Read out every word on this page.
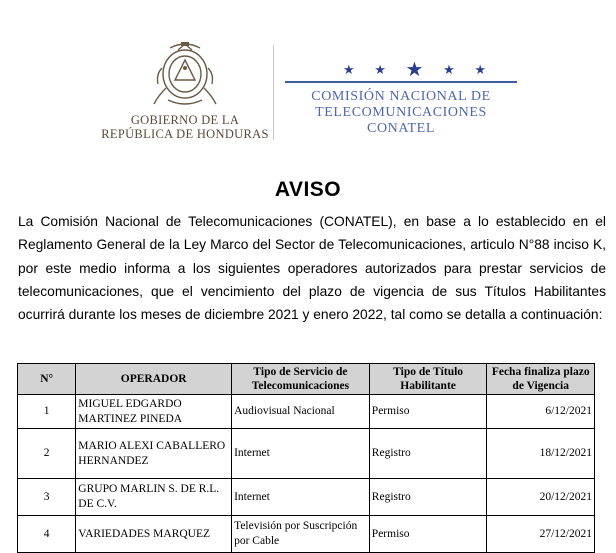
GOBIERNO DE LA
REPÚBLICA DE HONDURAS
★ ★ ★ ★ ★
COMISIÓN NACIONAL DE
TELECOMUNICACIONES
CONATEL
AVISO

La Comisión Nacional de Telecomunicaciones (CONATEL), en base a lo establecido en el Reglamento General de la Ley Marco del Sector de Telecomunicaciones, articulo N°88 inciso K, por este medio informa a los siguientes operadores autorizados para prestar servicios de telecomunicaciones, que el vencimiento del plazo de vigencia de sus Títulos Habilitantes ocurrirá durante los meses de diciembre 2021 y enero 2022, tal como se detalla a continuación:

N°	OPERADOR	Tipo de Servicio de Telecomunicaciones	Tipo de Título Habilitante	Fecha finaliza plazo de Vigencia
1	MIGUEL EDGARDO MARTINEZ PINEDA	Audiovisual Nacional	Permiso	6/12/2021
2	MARIO ALEXI CABALLERO HERNANDEZ	Internet	Registro	18/12/2021
3	GRUPO MARLIN S. DE R.L. DE C.V.	Internet	Registro	20/12/2021
4	VARIEDADES MARQUEZ	Televisión por Suscripción por Cable	Permiso	27/12/2021
